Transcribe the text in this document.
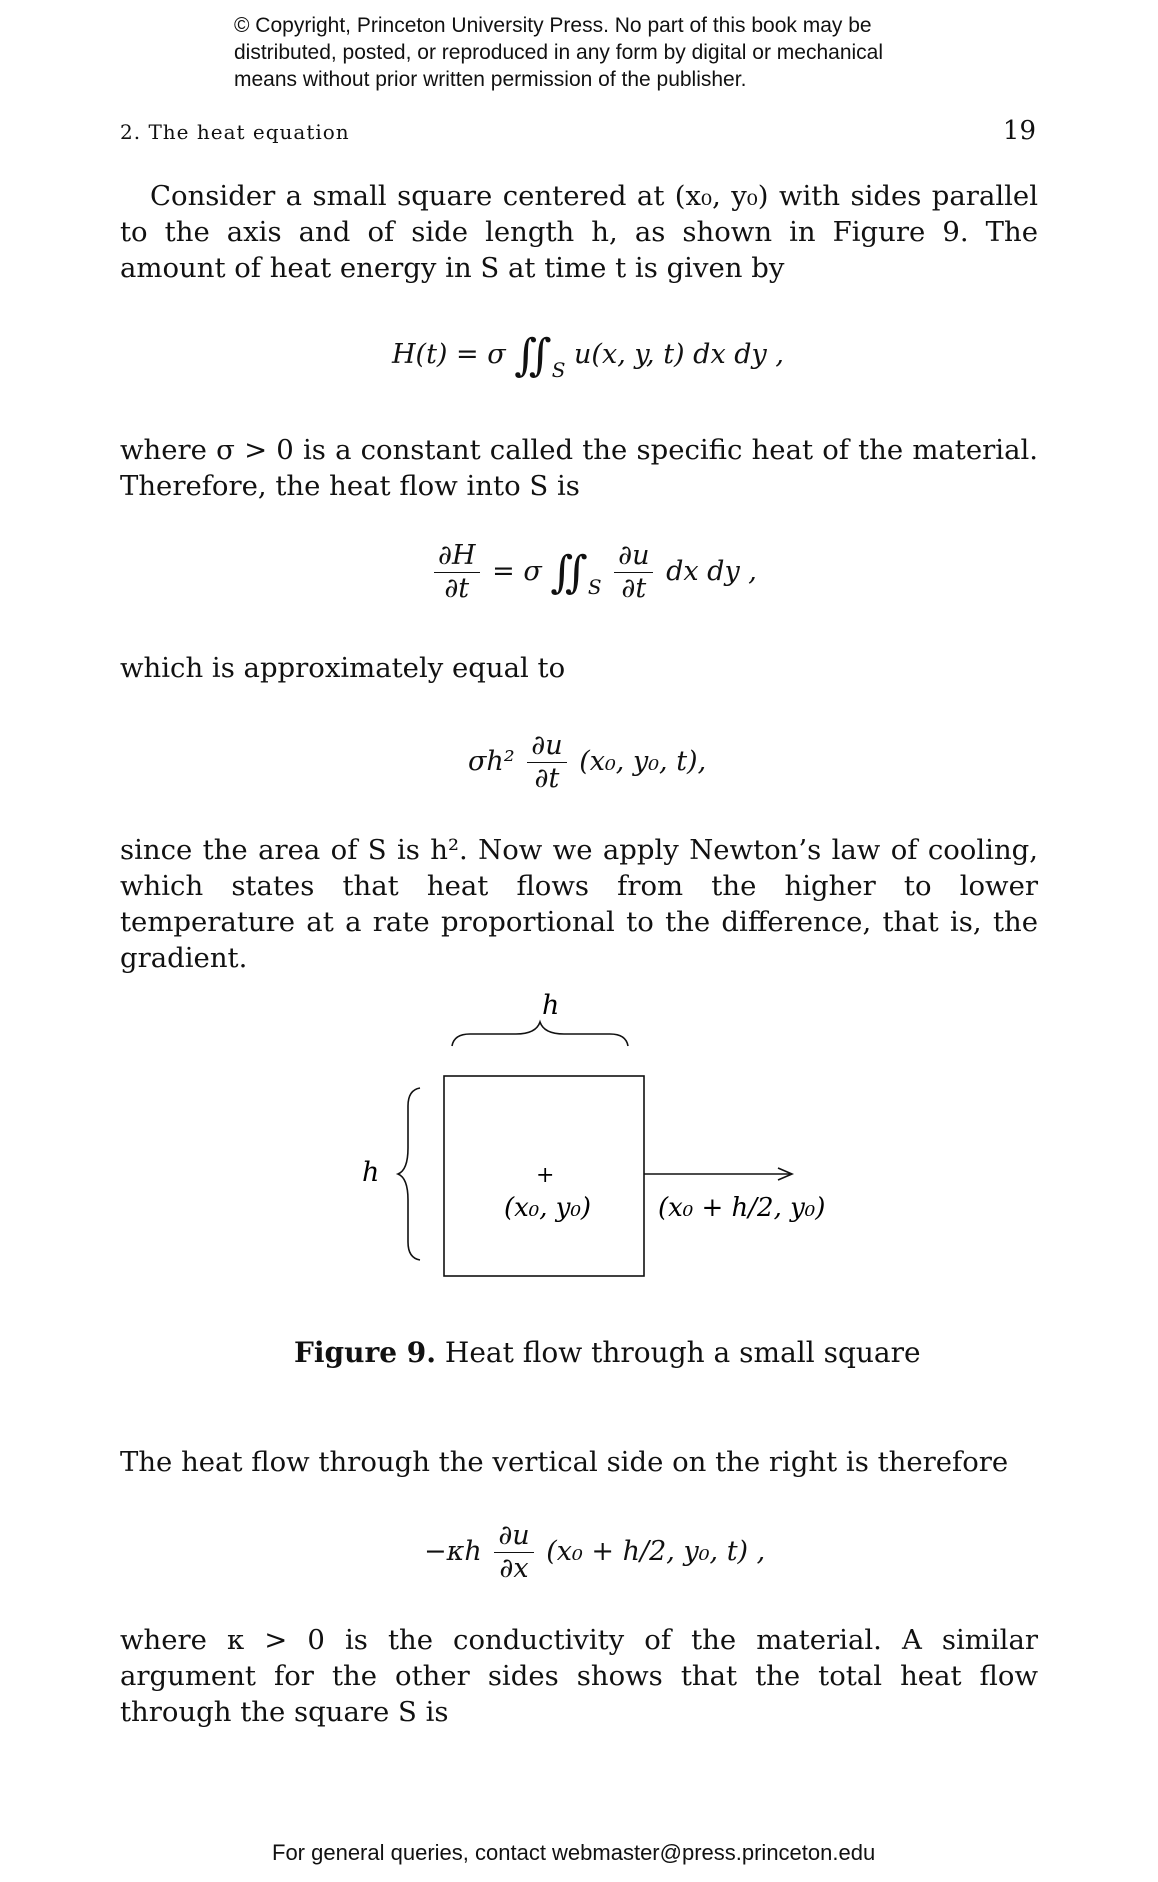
© Copyright, Princeton University Press. No part of this book may be
distributed, posted, or reproduced in any form by digital or mechanical
means without prior written permission of the publisher.
2. The heat equation	19
Consider a small square centered at (x₀, y₀) with sides parallel to the axis and of side length h, as shown in Figure 9. The amount of heat energy in S at time t is given by
H(t) = σ $∬_S$ u(x, y, t) dx dy ,
where σ > 0 is a constant called the specific heat of the material. Therefore, the heat flow into S is
$\frac{\partial H}{\partial t} = \sigma$ $∬_S \frac{\partial u}{\partial t}$ dx dy ,
which is approximately equal to
$\sigma h^2 \frac{\partial u}{\partial t} (x_0$, y₀, t),
since the area of S is h². Now we apply Newton’s law of cooling, which states that heat flows from the higher to lower temperature at a rate proportional to the difference, that is, the gradient.
h
h	+
(x₀, y₀)	(x₀ + h/2, y₀)
Figure 9. Heat flow through a small square
The heat flow through the vertical side on the right is therefore
$-\kappa h \frac{\partial u}{\partial x} (x_0 + h/2$, y₀, t) ,
where κ > 0 is the conductivity of the material. A similar argument for the other sides shows that the total heat flow through the square S is
For general queries, contact webmaster@press.princeton.edu
